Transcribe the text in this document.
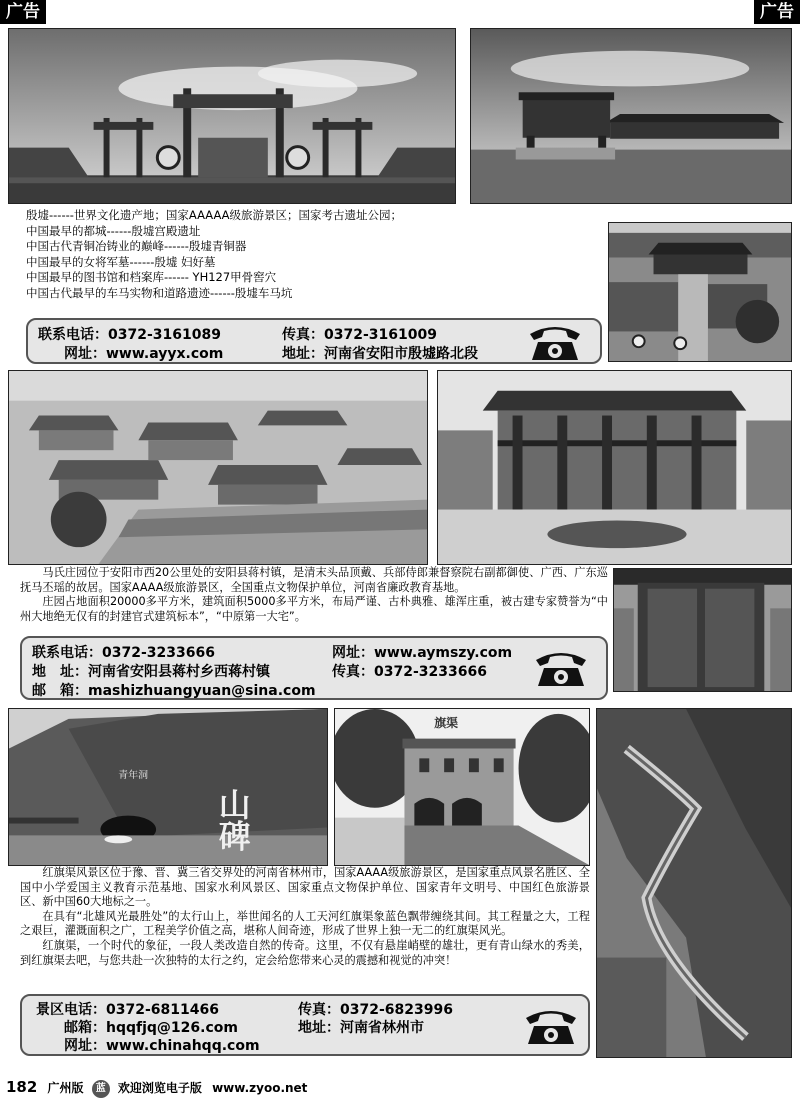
广告	广告
殷墟------世界文化遗产地；国家AAAAA级旅游景区；国家考古遗址公园；
中国最早的都城------殷墟宫殿遗址
中国古代青铜冶铸业的巅峰------殷墟青铜器
中国最早的女将军墓------殷墟 妇好墓
中国最早的图书馆和档案库------ YH127甲骨窖穴
中国古代最早的车马实物和道路遗迹------殷墟车马坑
联系电话：0372-3161089	传真：0372-3161009
网址：www.ayyx.com	地址：河南省安阳市殷墟路北段

马氏庄园位于安阳市西20公里处的安阳县蒋村镇，是清末头品顶戴、兵部侍郎兼督察院右副都御使、广西、广东巡抚马丕瑶的故居。国家AAAA级旅游景区，全国重点文物保护单位，河南省廉政教育基地。

庄园占地面积20000多平方米，建筑面积5000多平方米，布局严谨、古朴典雅、雄浑庄重，被古建专家赞誉为“中州大地绝无仅有的封建官式建筑标本”，“中原第一大宅”。

联系电话：0372-3233666	网址：www.aymszy.com
地　址：河南省安阳县蒋村乡西蒋村镇	传真：0372-3233666
邮　箱：mashizhuangyuan@sina.com
山碑
青年洞
旗渠

红旗渠风景区位于豫、晋、冀三省交界处的河南省林州市，国家AAAA级旅游景区，是国家重点风景名胜区、全国中小学爱国主义教育示范基地、国家水利风景区、国家重点文物保护单位、国家青年文明号、中国红色旅游景区、新中国60大地标之一。

在具有“北雄风光最胜处”的太行山上，举世闻名的人工天河红旗渠象蓝色飘带缠绕其间。其工程量之大，工程之艰巨，灌溉面积之广，工程美学价值之高，堪称人间奇迹，形成了世界上独一无二的红旗渠风光。

红旗渠，一个时代的象征，一段人类改造自然的传奇。这里，不仅有悬崖峭壁的雄壮，更有青山绿水的秀美，到红旗渠去吧，与您共赴一次独特的太行之约，定会给您带来心灵的震撼和视觉的冲突！

景区电话：0372-6811466	传真：0372-6823996
邮箱：hqqfjq@126.com	地址：河南省林州市
网址：www.chinahqq.com
182 广州版 蓝 欢迎浏览电子版 www.zyoo.net
